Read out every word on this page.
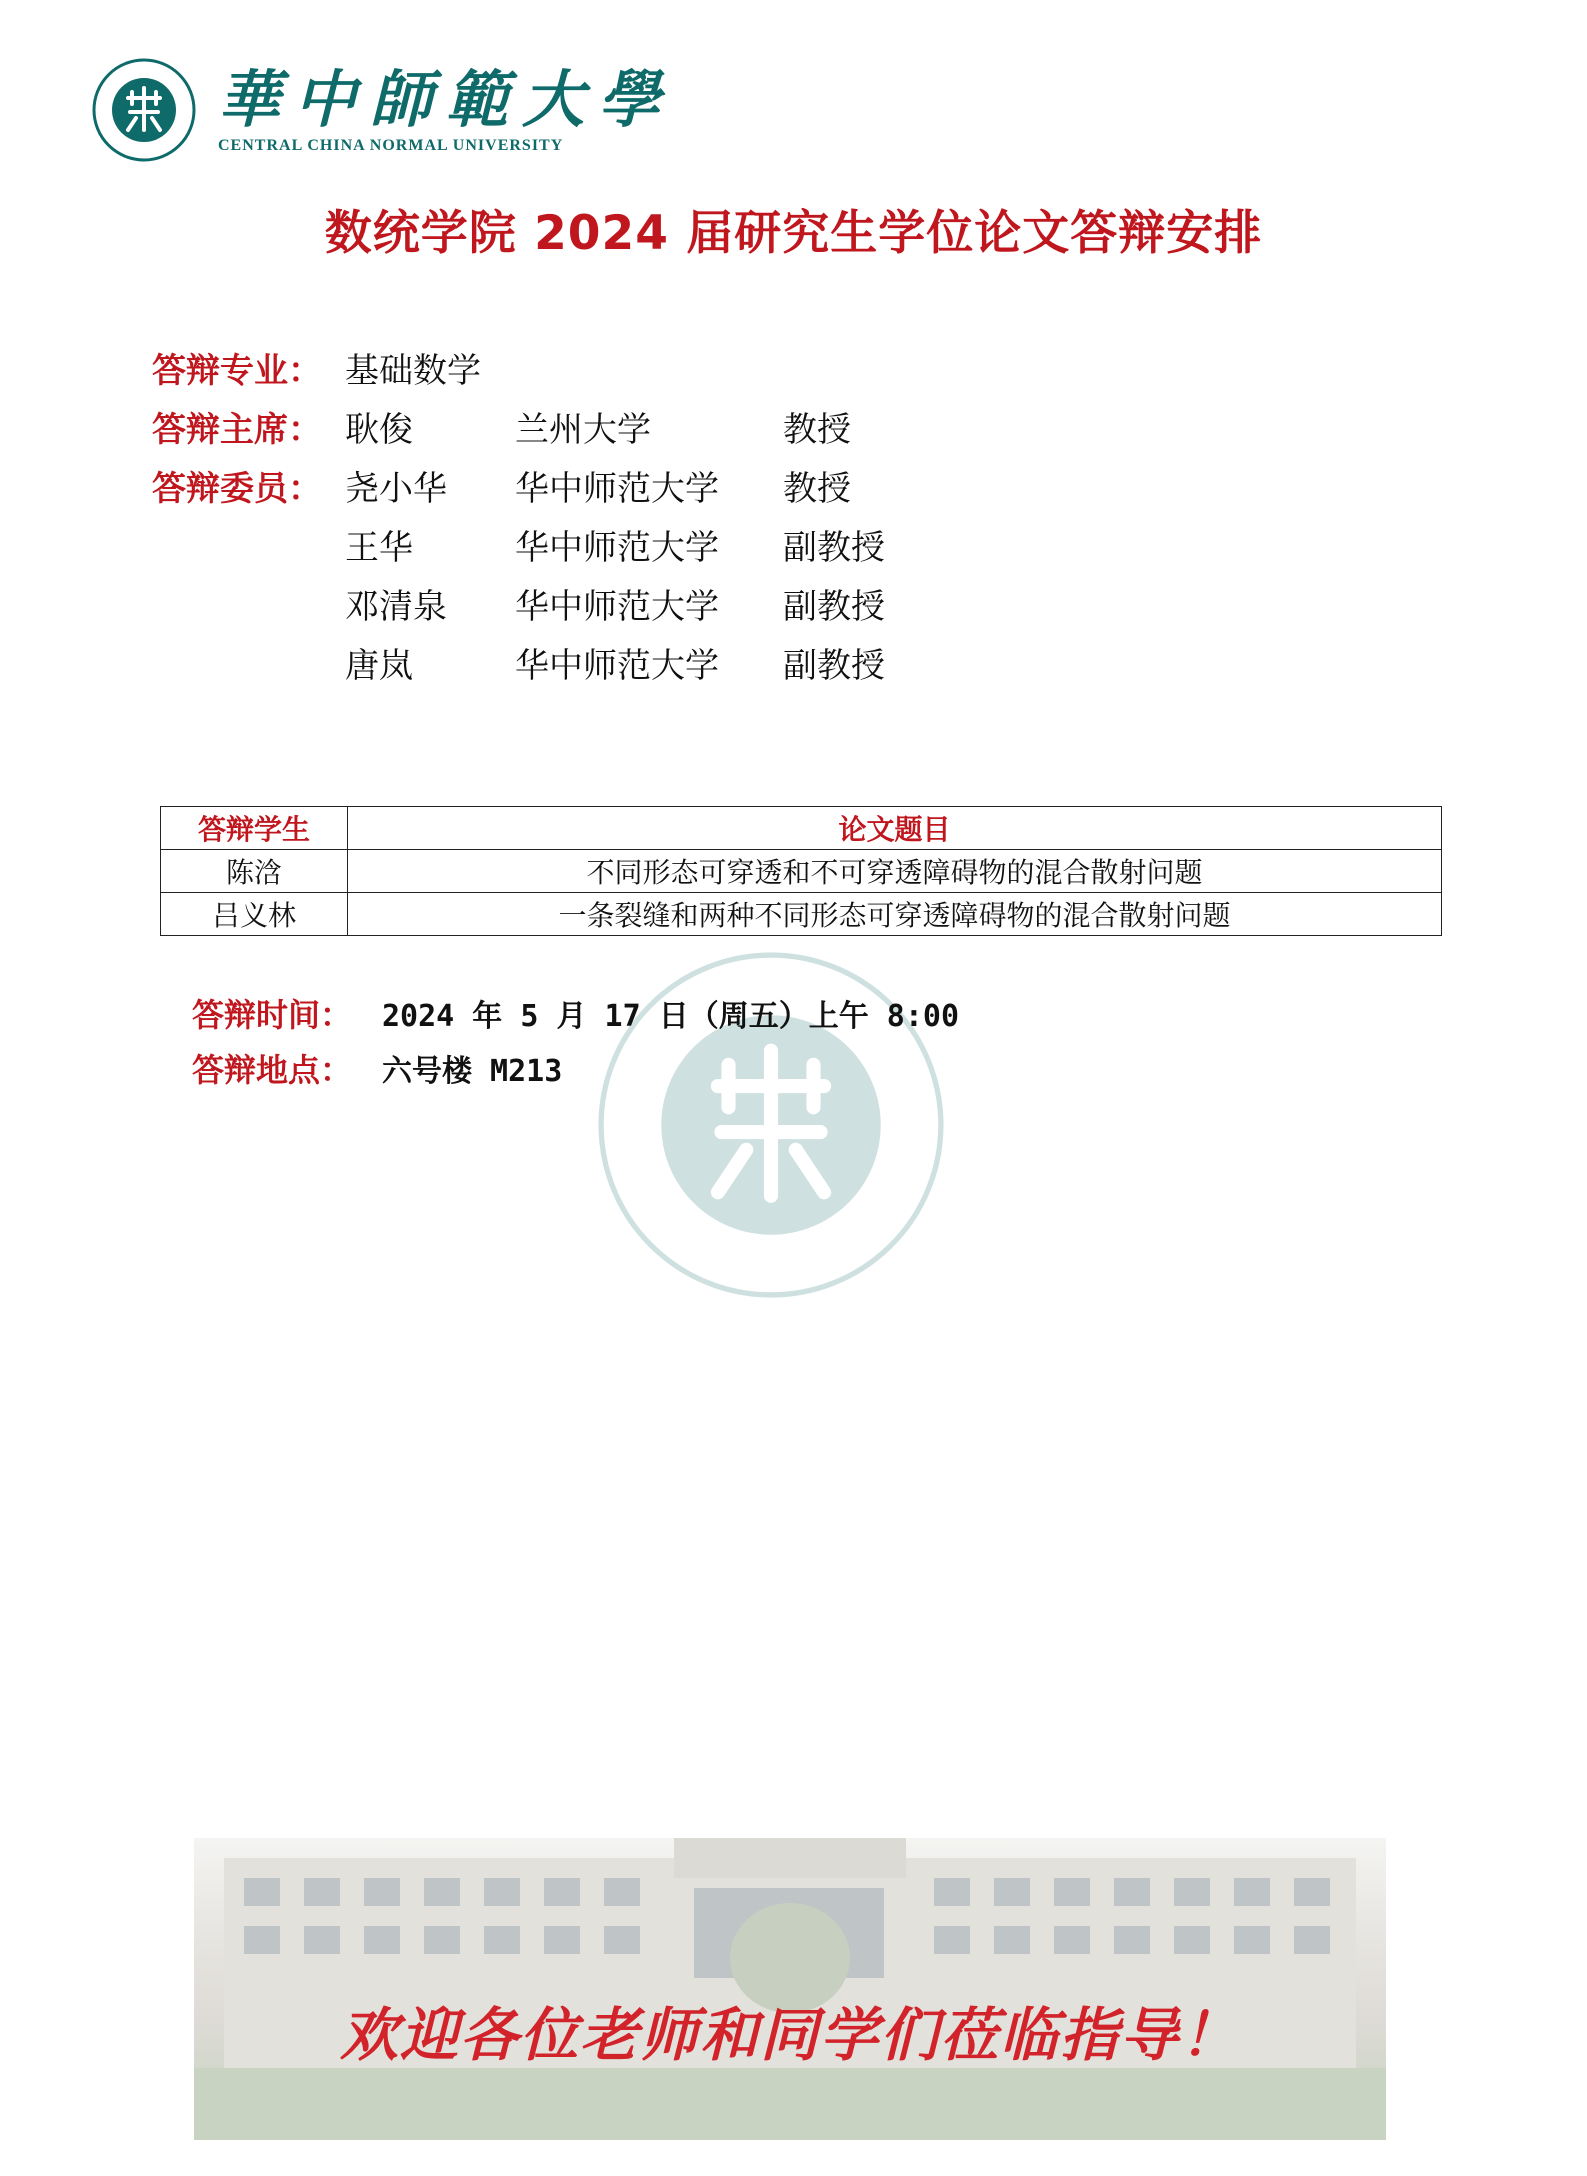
華中師範大學
CENTRAL CHINA NORMAL UNIVERSITY
数统学院 2024 届研究生学位论文答辩安排
答辩专业： 基础数学
答辩主席： 耿俊	兰州大学	教授
答辩委员： 尧小华	华中师范大学	教授
王华	华中师范大学	副教授
邓清泉	华中师范大学	副教授
唐岚	华中师范大学	副教授
答辩学生	论文题目
陈浛	不同形态可穿透和不可穿透障碍物的混合散射问题
吕义林	一条裂缝和两种不同形态可穿透障碍物的混合散射问题
答辩时间： 2024 年 5 月 17 日（周五）上午 8:00
答辩地点： 六号楼 M213
欢迎各位老师和同学们莅临指导！
